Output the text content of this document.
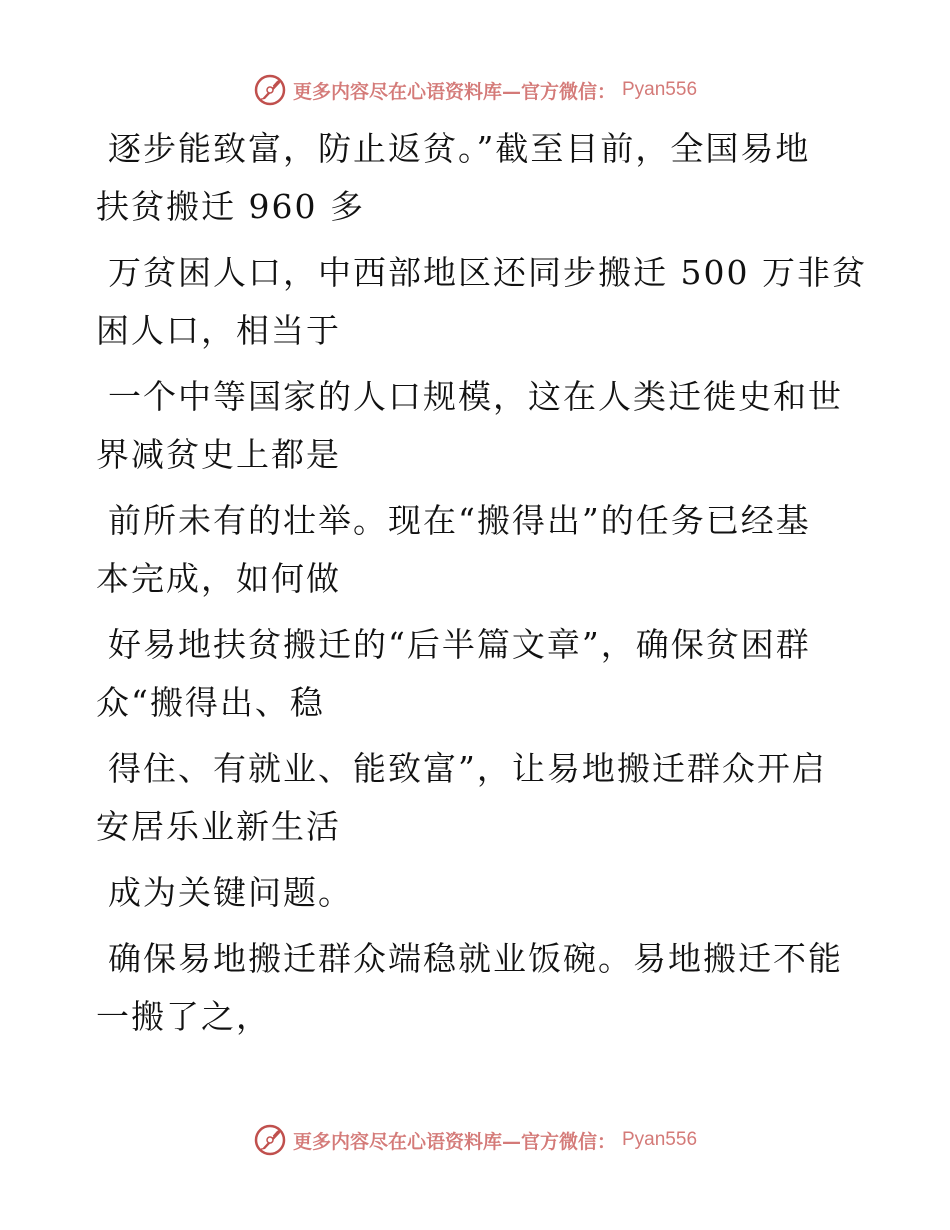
更多内容尽在心语资料库—官方微信： Pyan556
逐步能致富，防止返贫。”截至目前，全国易地
扶贫搬迁 960 多
万贫困人口，中西部地区还同步搬迁 500 万非贫
困人口，相当于
一个中等国家的人口规模，这在人类迁徙史和世
界减贫史上都是
前所未有的壮举。现在“搬得出”的任务已经基
本完成，如何做
好易地扶贫搬迁的“后半篇文章”，确保贫困群
众“搬得出、稳
得住、有就业、能致富”，让易地搬迁群众开启
安居乐业新生活
成为关键问题。
确保易地搬迁群众端稳就业饭碗。易地搬迁不能
一搬了之，
更多内容尽在心语资料库—官方微信： Pyan556
